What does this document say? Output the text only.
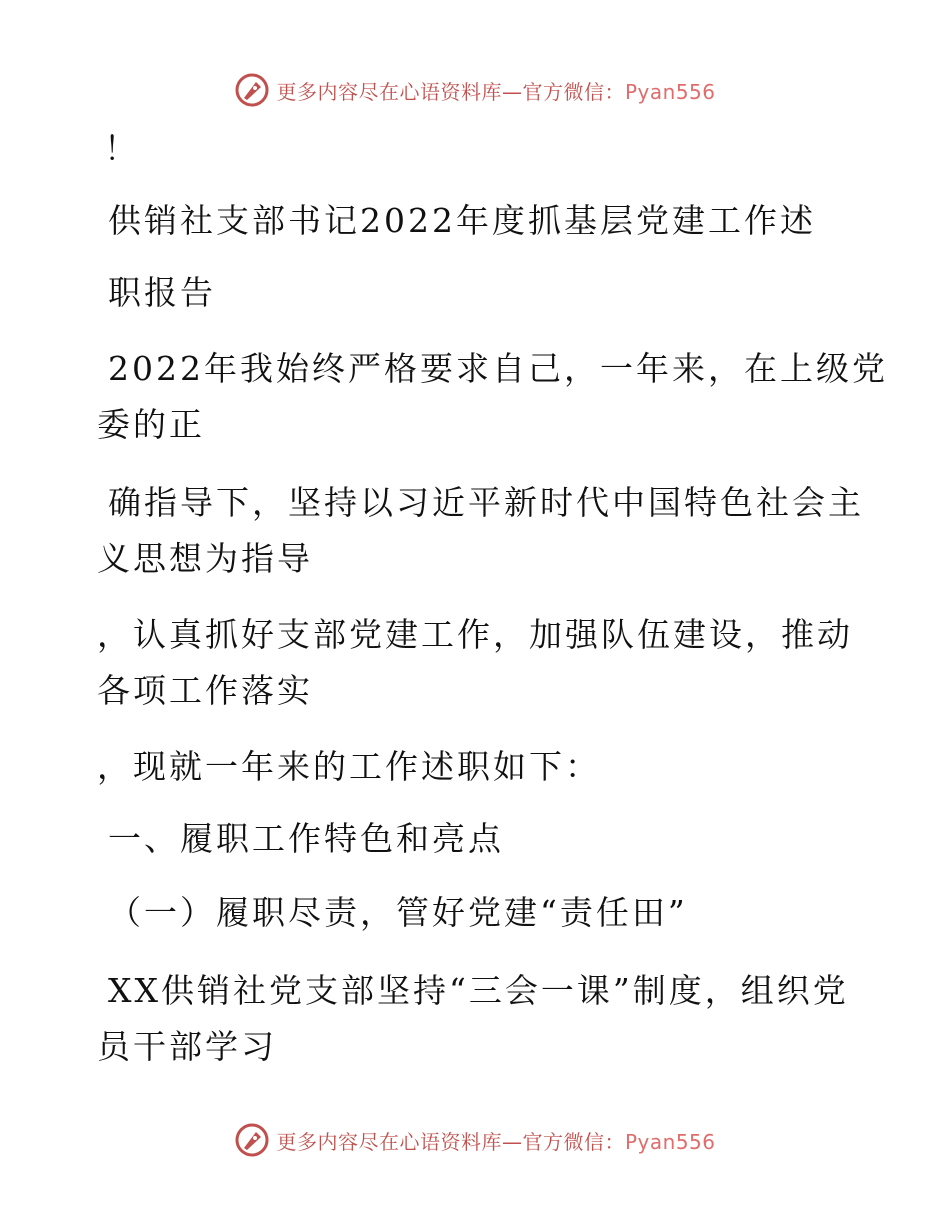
更多内容尽在心语资料库—官方微信：Pyan556
！
供销社支部书记2022年度抓基层党建工作述
职报告
2022年我始终严格要求自己，一年来，在上级党
委的正
确指导下，坚持以习近平新时代中国特色社会主
义思想为指导
，认真抓好支部党建工作，加强队伍建设，推动
各项工作落实
，现就一年来的工作述职如下：
一、履职工作特色和亮点
（一）履职尽责，管好党建“责任田”
XX供销社党支部坚持“三会一课”制度，组织党
员干部学习
更多内容尽在心语资料库—官方微信：Pyan556
